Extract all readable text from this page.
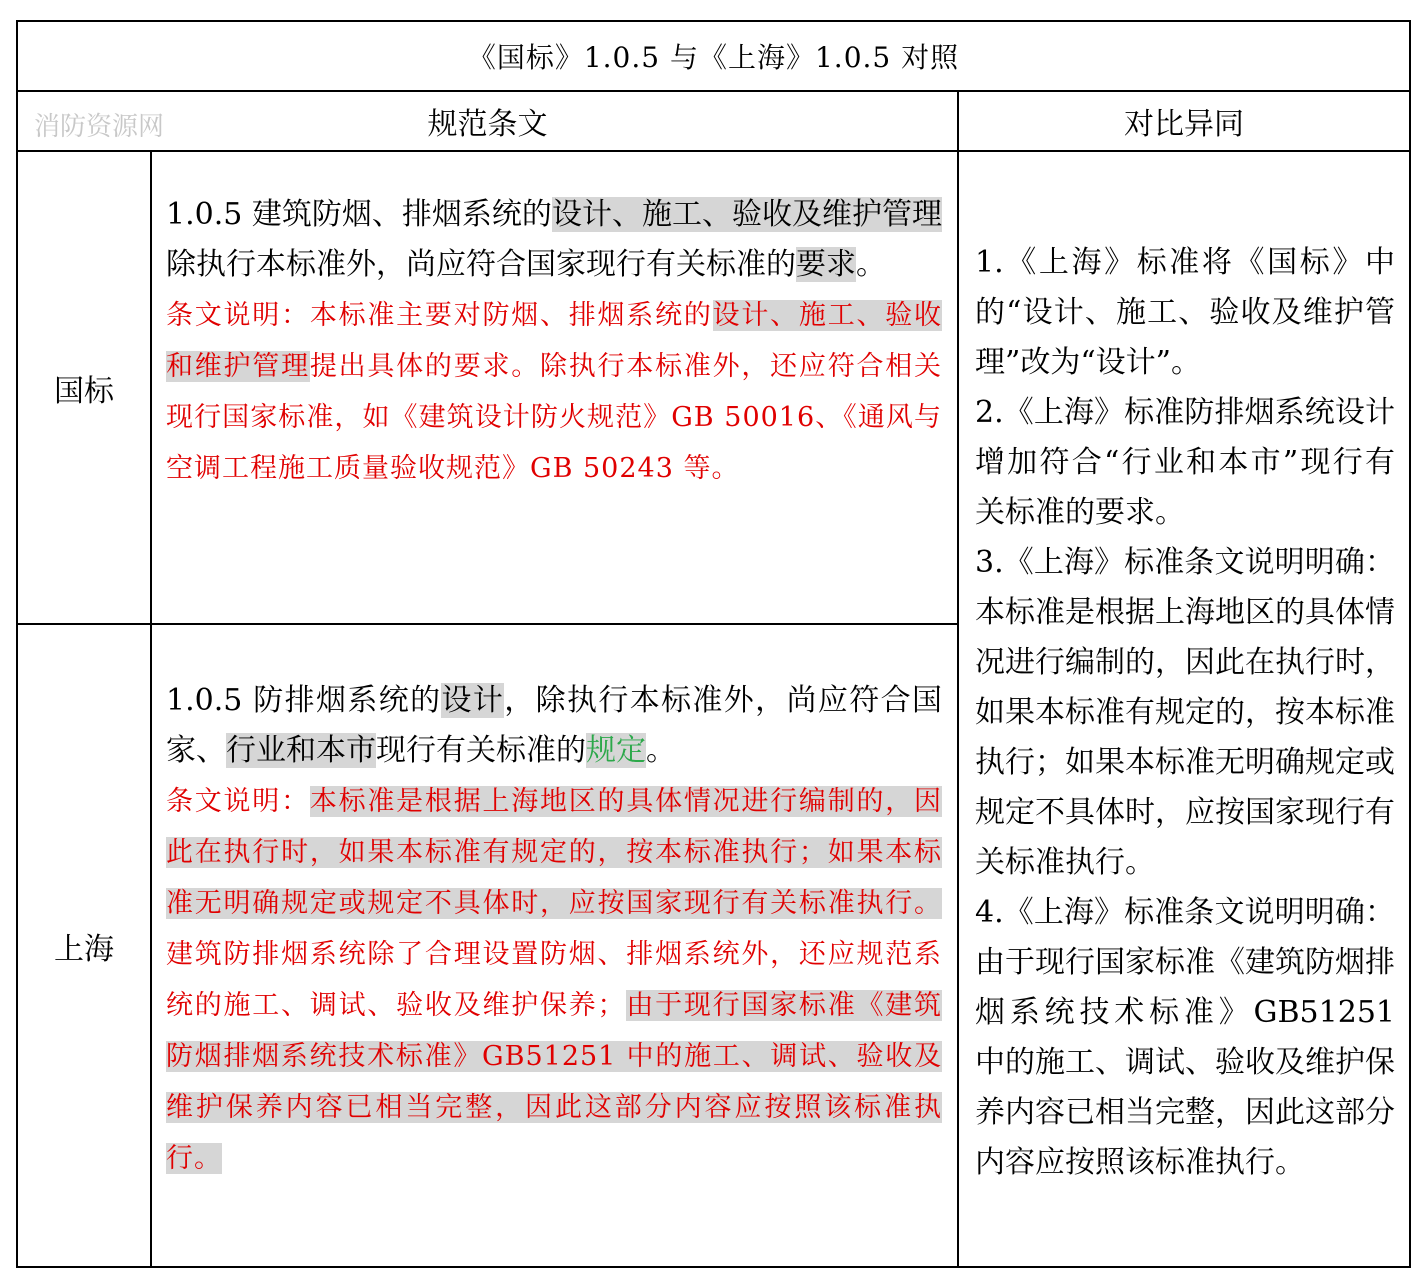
《国标》1.0.5 与《上海》1.0.5 对照
消防资源网	规范条文	对比异同
国标
1.0.5 建筑防烟、排烟系统的设计、施工、验收及维护管理除执行本标准外，尚应符合国家现行有关标准的要求。
条文说明：本标准主要对防烟、排烟系统的设计、施工、验收和维护管理提出具体的要求。除执行本标准外，还应符合相关现行国家标准，如《建筑设计防火规范》GB 50016、《通风与空调工程施工质量验收规范》GB 50243 等。
上海
1.0.5 防排烟系统的设计，除执行本标准外，尚应符合国家、行业和本市现行有关标准的规定。
条文说明：本标准是根据上海地区的具体情况进行编制的，因此在执行时，如果本标准有规定的，按本标准执行；如果本标准无明确规定或规定不具体时，应按国家现行有关标准执行。建筑防排烟系统除了合理设置防烟、排烟系统外，还应规范系统的施工、调试、验收及维护保养；由于现行国家标准《建筑防烟排烟系统技术标准》GB51251 中的施工、调试、验收及维护保养内容已相当完整，因此这部分内容应按照该标准执行。

1.《上海》标准将《国标》中的“设计、施工、验收及维护管理”改为“设计”。

2.《上海》标准防排烟系统设计增加符合“行业和本市”现行有关标准的要求。

3.《上海》标准条文说明明确：本标准是根据上海地区的具体情况进行编制的，因此在执行时，如果本标准有规定的，按本标准执行；如果本标准无明确规定或规定不具体时，应按国家现行有关标准执行。

4.《上海》标准条文说明明确：由于现行国家标准《建筑防烟排烟系统技术标准》GB51251 中的施工、调试、验收及维护保养内容已相当完整，因此这部分内容应按照该标准执行。
